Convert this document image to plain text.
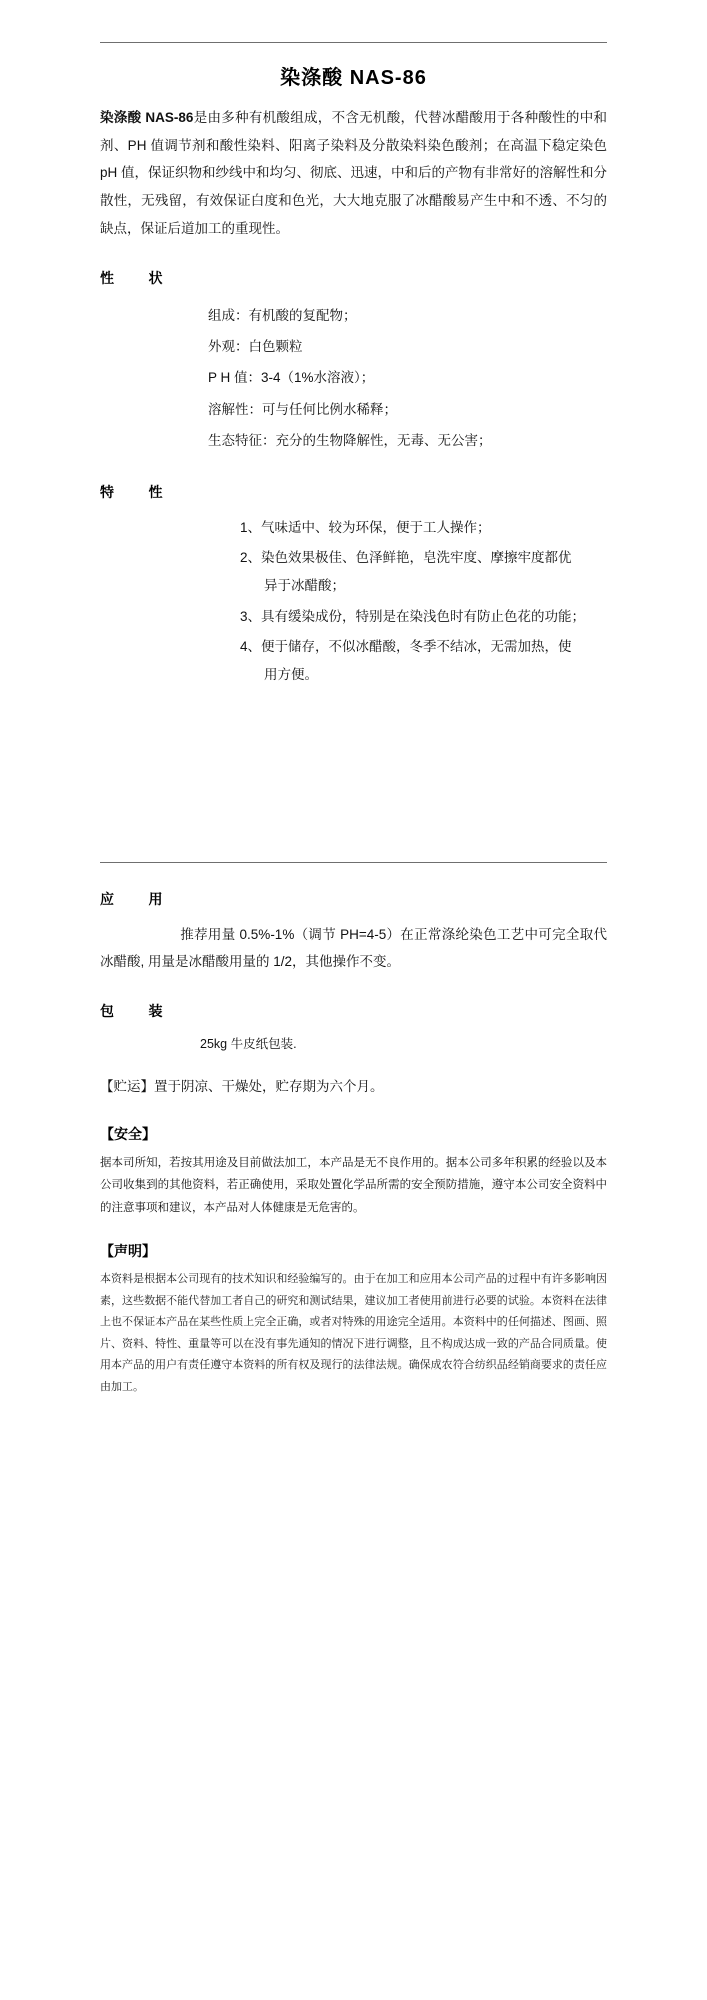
染涤酸 NAS-86

染涤酸 NAS-86是由多种有机酸组成，不含无机酸，代替冰醋酸用于各种酸性的中和剂、PH 值调节剂和酸性染料、阳离子染料及分散染料染色酸剂；在高温下稳定染色 pH 值，保证织物和纱线中和均匀、彻底、迅速，中和后的产物有非常好的溶解性和分散性，无残留，有效保证白度和色光，大大地克服了冰醋酸易产生中和不透、不匀的缺点，保证后道加工的重现性。

性 状
组成：有机酸的复配物；
外观：白色颗粒
P H 值：3-4（1%水溶液）；
溶解性：可与任何比例水稀释；
生态特征：充分的生物降解性，无毒、无公害；
特 性
1、气味适中、较为环保，便于工人操作；
2、染色效果极佳、色泽鲜艳，皂洗牢度、摩擦牢度都优
异于冰醋酸；
3、具有缓染成份，特别是在染浅色时有防止色花的功能；
4、便于储存，不似冰醋酸，冬季不结冰，无需加热，使
用方便。
应 用

推荐用量 0.5%-1%（调节 PH=4-5）在正常涤纶染色工艺中可完全取代冰醋酸, 用量是冰醋酸用量的 1/2，其他操作不变。

包 装

25kg 牛皮纸包装.

【贮运】置于阴凉、干燥处，贮存期为六个月。

【安全】

据本司所知，若按其用途及目前做法加工，本产品是无不良作用的。据本公司多年积累的经验以及本公司收集到的其他资料，若正确使用，采取处置化学品所需的安全预防措施，遵守本公司安全资料中的注意事项和建议，本产品对人体健康是无危害的。

【声明】

本资料是根据本公司现有的技术知识和经验编写的。由于在加工和应用本公司产品的过程中有许多影响因素，这些数据不能代替加工者自己的研究和测试结果，建议加工者使用前进行必要的试验。本资料在法律上也不保证本产品在某些性质上完全正确，或者对特殊的用途完全适用。本资料中的任何描述、图画、照片、资料、特性、重量等可以在没有事先通知的情况下进行调整，且不构成达成一致的产品合同质量。使用本产品的用户有责任遵守本资料的所有权及现行的法律法规。确保成农符合纺织品经销商要求的责任应由加工。
